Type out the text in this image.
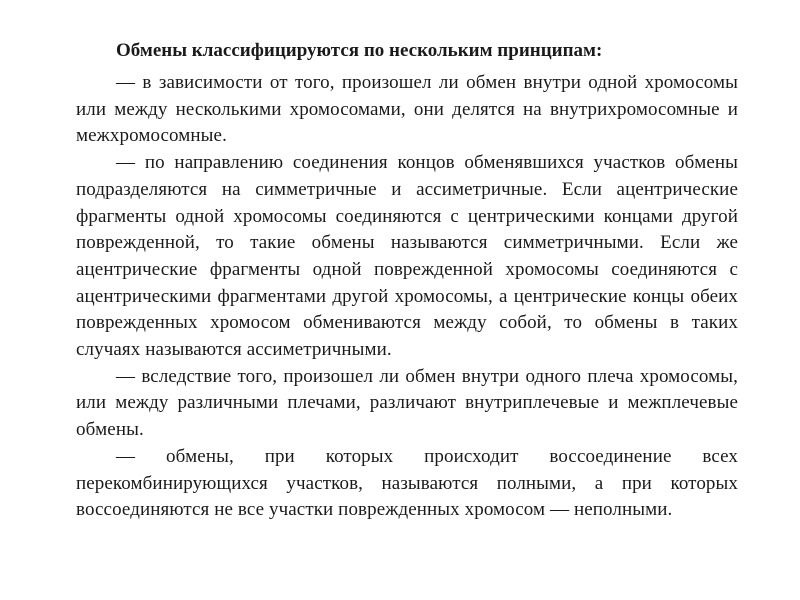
Обмены классифицируются по нескольким принципам:

— в зависимости от того, произошел ли обмен внутри одной хромосомы или между несколькими хромосомами, они делятся на внутрихромосомные и межхромосомные.

— по направлению соединения концов обменявшихся участков обмены подразделяются на симметричные и ассиметричные. Если ацентрические фрагменты одной хромосомы соединяются с центрическими концами другой поврежденной, то такие обмены называются симметричными. Если же ацентрические фрагменты одной поврежденной хромосомы соединяются с ацентрическими фрагментами другой хромосомы, а центрические концы обеих поврежденных хромосом обмениваются между собой, то обмены в таких случаях называются ассиметричными.

— вследствие того, произошел ли обмен внутри одного плеча хромосомы, или между различными плечами, различают внутриплечевые и межплечевые обмены.

— обмены, при которых происходит воссоединение всех перекомбинирующихся участков, называются полными, а при которых воссоединяются не все участки поврежденных хромосом — неполными.
